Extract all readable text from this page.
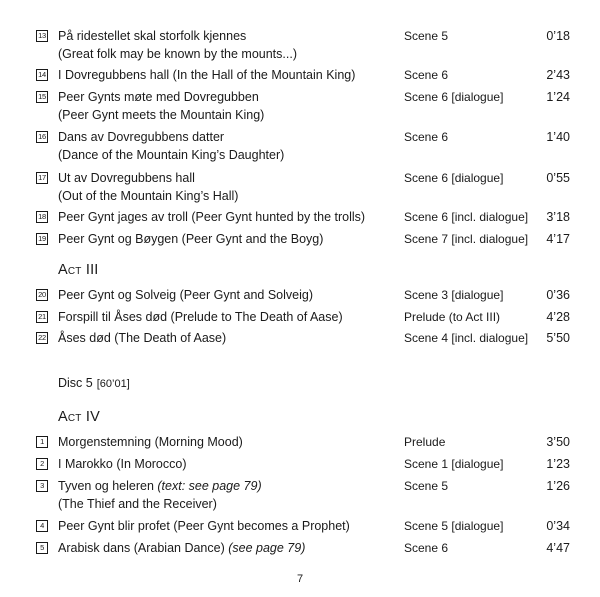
13 På ridestellet skal storfolk kjennes
(Great folk may be known by the mounts...)
Scene 5	0’18
14 I Dovregubbens hall (In the Hall of the Mountain King)	Scene 6	2’43
15 Peer Gynts møte med Dovregubben
(Peer Gynt meets the Mountain King)
Scene 6 [dialogue]	1’24
16 Dans av Dovregubbens datter
(Dance of the Mountain King’s Daughter)
Scene 6	1’40
17 Ut av Dovregubbens hall
(Out of the Mountain King’s Hall)
Scene 6 [dialogue]	0’55
18 Peer Gynt jages av troll (Peer Gynt hunted by the trolls)	Scene 6 [incl. dialogue] 3’18
19 Peer Gynt og Bøygen (Peer Gynt and the Boyg)	Scene 7 [incl. dialogue] 4’17
Act III
20 Peer Gynt og Solveig (Peer Gynt and Solveig)	Scene 3 [dialogue]	0’36
21 Forspill til Åses død (Prelude to The Death of Aase)	Prelude (to Act III)	4’28
22 Åses død (The Death of Aase)	Scene 4 [incl. dialogue] 5’50
Disc 5 [60’01]
Act IV
1	Morgenstemning (Morning Mood)	Prelude	3’50
2	I Marokko (In Morocco)	Scene 1 [dialogue]	1’23
3	Tyven og heleren (text: see page 79)
(The Thief and the Receiver)
Scene 5	1’26
4	Peer Gynt blir profet (Peer Gynt becomes a Prophet)	Scene 5 [dialogue]	0’34
5	Arabisk dans (Arabian Dance) (see page 79)	Scene 6	4’47
7
